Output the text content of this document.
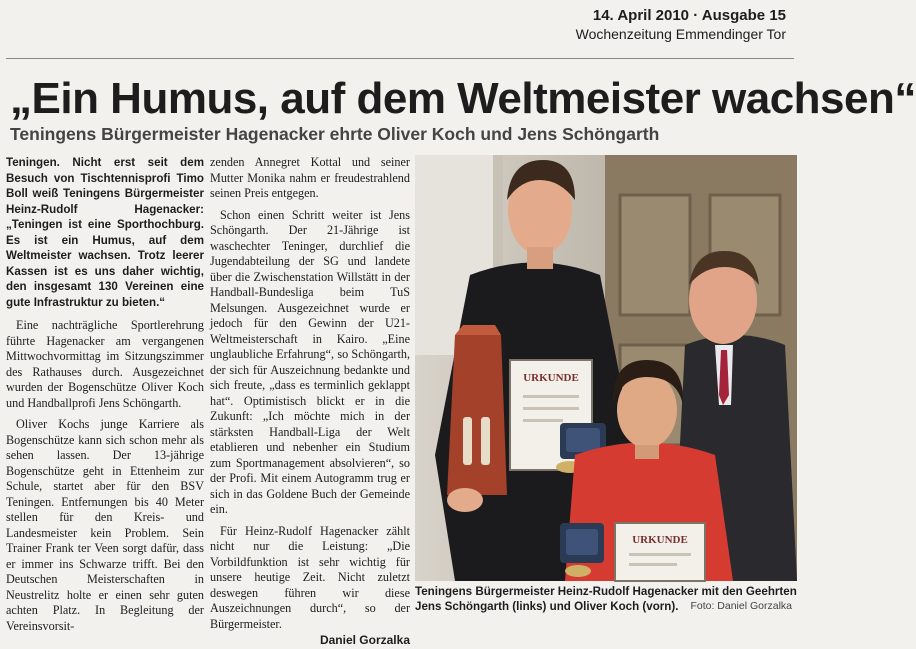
14. April 2010 · Ausgabe 15
Wochenzeitung Emmendinger Tor
„Ein Humus, auf dem Weltmeister wachsen“
Teningens Bürgermeister Hagenacker ehrte Oliver Koch und Jens Schöngarth

Teningen. Nicht erst seit dem Besuch von Tischtennisprofi Timo Boll weiß Teningens Bürgermeister Heinz-Rudolf Hagenacker: „Teningen ist eine Sporthochburg. Es ist ein Humus, auf dem Weltmeister wachsen. Trotz leerer Kassen ist es uns daher wichtig, den insgesamt 130 Vereinen eine gute Infrastruktur zu bieten.“

Eine nachträgliche Sportlerehrung führte Hagenacker am vergangenen Mittwochvormittag im Sitzungszimmer des Rathauses durch. Ausgezeichnet wurden der Bogenschütze Oliver Koch und Handballprofi Jens Schöngarth.

Oliver Kochs junge Karriere als Bogenschütze kann sich schon mehr als sehen lassen. Der 13-jährige Bogenschütze geht in Ettenheim zur Schule, startet aber für den BSV Teningen. Entfernungen bis 40 Meter stellen für den Kreis- und Landesmeister kein Problem. Sein Trainer Frank ter Veen sorgt dafür, dass er immer ins Schwarze trifft. Bei den Deutschen Meisterschaften in Neustrelitz holte er einen sehr guten achten Platz. In Begleitung der Vereinsvorsit-

zenden Annegret Kottal und seiner Mutter Monika nahm er freudestrahlend seinen Preis entgegen.

Schon einen Schritt weiter ist Jens Schöngarth. Der 21-Jährige ist waschechter Teninger, durchlief die Jugendabteilung der SG und landete über die Zwischenstation Willstätt in der Handball-Bundesliga beim TuS Melsungen. Ausgezeichnet wurde er jedoch für den Gewinn der U21-Weltmeisterschaft in Kairo. „Eine unglaubliche Erfahrung“, so Schöngarth, der sich für Auszeichnung bedankte und sich freute, „dass es terminlich geklappt hat“. Optimistisch blickt er in die Zukunft: „Ich möchte mich in der stärksten Handball-Liga der Welt etablieren und nebenher ein Studium zum Sportmanagement absolvieren“, so der Profi. Mit einem Autogramm trug er sich in das Goldene Buch der Gemeinde ein.

Für Heinz-Rudolf Hagenacker zählt nicht nur die Leistung: „Die Vorbildfunktion ist sehr wichtig für unsere heutige Zeit. Nicht zuletzt deswegen führen wir diese Auszeichnungen durch“, so der Bürgermeister.

Daniel Gorzalka
URKUNDE
URKUNDE
Teningens Bürgermeister Heinz-Rudolf Hagenacker mit den Geehrten Jens Schöngarth (links) und Oliver Koch (vorn).	Foto: Daniel Gorzalka
